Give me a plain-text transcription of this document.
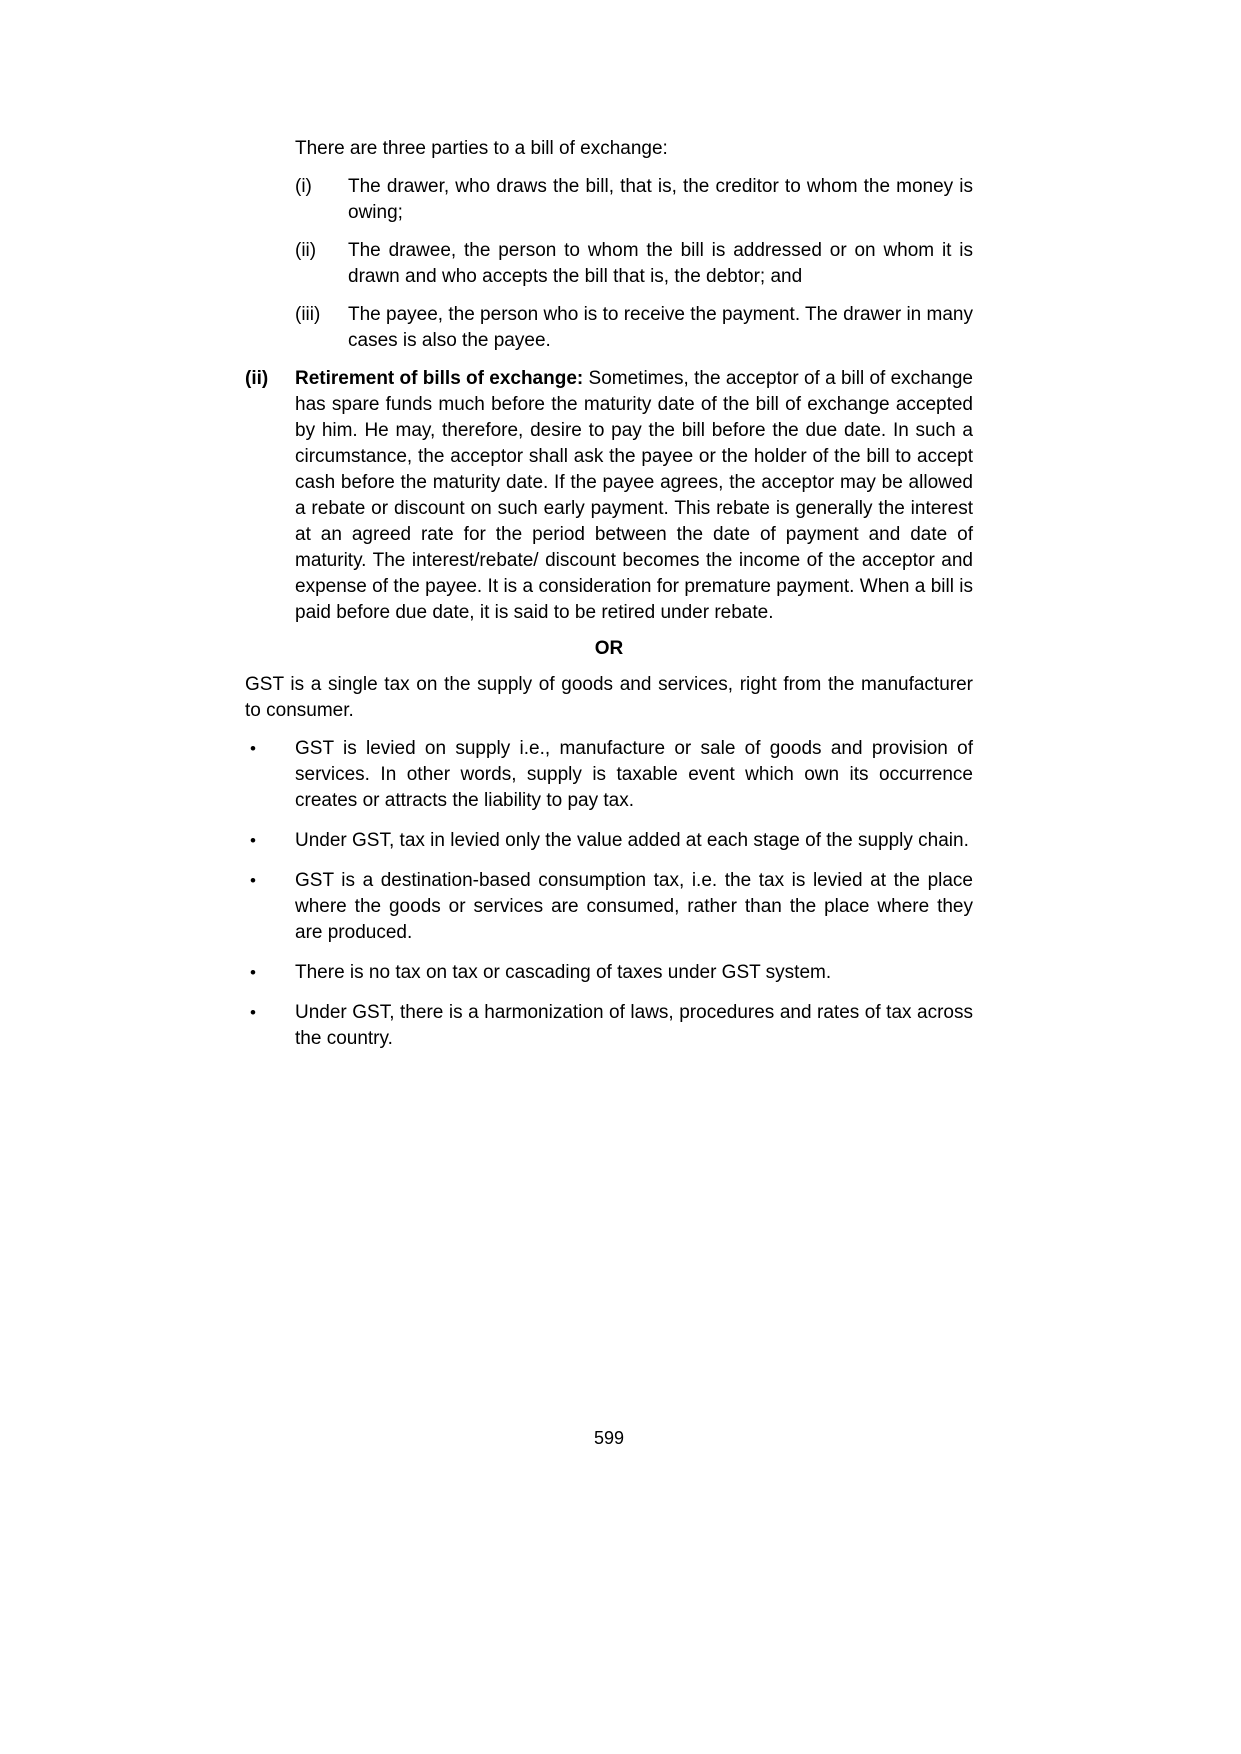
There are three parties to a bill of exchange:
(i)	The drawer, who draws the bill, that is, the creditor to whom the money is owing;
(ii)	The drawee, the person to whom the bill is addressed or on whom it is drawn and who accepts the bill that is, the debtor; and
(iii)	The payee, the person who is to receive the payment. The drawer in many cases is also the payee.
(ii)	Retirement of bills of exchange: Sometimes, the acceptor of a bill of exchange has spare funds much before the maturity date of the bill of exchange accepted by him. He may, therefore, desire to pay the bill before the due date. In such a circumstance, the acceptor shall ask the payee or the holder of the bill to accept cash before the maturity date. If the payee agrees, the acceptor may be allowed a rebate or discount on such early payment. This rebate is generally the interest at an agreed rate for the period between the date of payment and date of maturity. The interest/rebate/ discount becomes the income of the acceptor and expense of the payee. It is a consideration for premature payment. When a bill is paid before due date, it is said to be retired under rebate.
OR
GST is a single tax on the supply of goods and services, right from the manufacturer to consumer.
•	GST is levied on supply i.e., manufacture or sale of goods and provision of services. In other words, supply is taxable event which own its occurrence creates or attracts the liability to pay tax.
•	Under GST, tax in levied only the value added at each stage of the supply chain.
•	GST is a destination-based consumption tax, i.e. the tax is levied at the place where the goods or services are consumed, rather than the place where they are produced.
•	There is no tax on tax or cascading of taxes under GST system.
•	Under GST, there is a harmonization of laws, procedures and rates of tax across the country.
599
